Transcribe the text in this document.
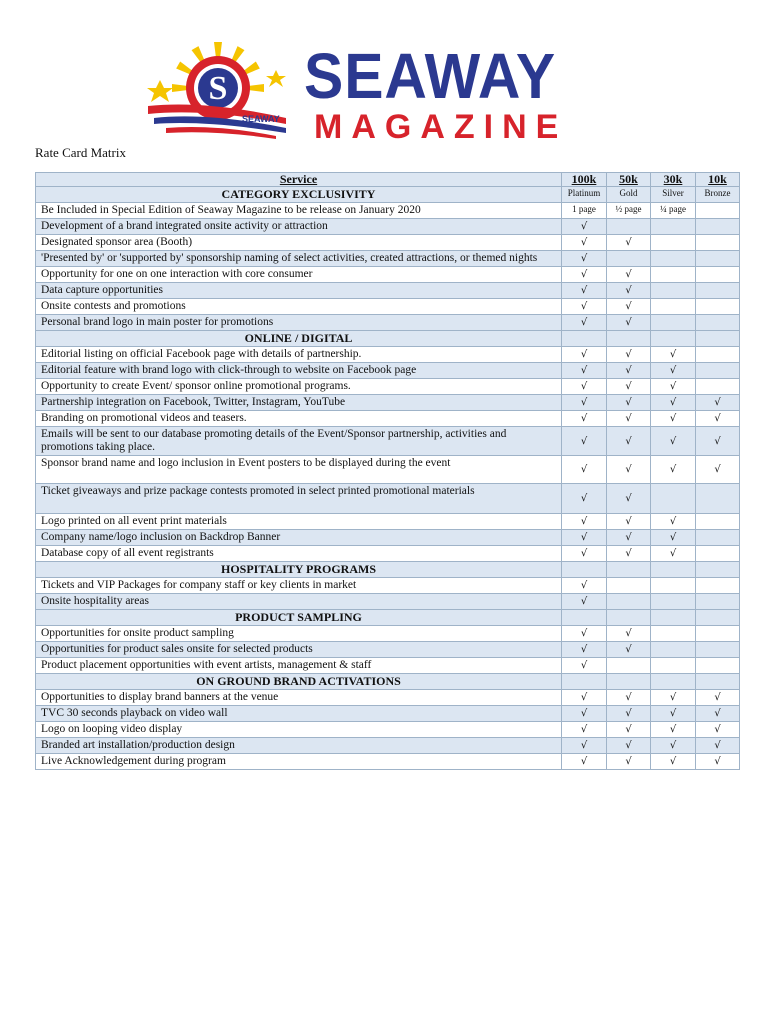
S
SEAWAY
SEAWAY
MAGAZINE
Rate Card Matrix
Service	100k	50k	30k	10k
CATEGORY EXCLUSIVITY	Platinum	Gold	Silver	Bronze
Be Included in Special Edition of Seaway Magazine to be release on January 2020	1 page	½ page	¼ page	
Development of a brand integrated onsite activity or attraction	√			
Designated sponsor area (Booth)	√	√		
'Presented by' or 'supported by' sponsorship naming of select activities, created attractions, or themed nights	√			
Opportunity for one on one interaction with core consumer	√	√		
Data capture opportunities	√	√		
Onsite contests and promotions	√	√		
Personal brand logo in main poster for promotions	√	√		
ONLINE / DIGITAL				
Editorial listing on official Facebook page with details of partnership.	√	√	√	
Editorial feature with brand logo with click-through to website on Facebook page	√	√	√	
Opportunity to create Event/ sponsor online promotional programs.	√	√	√	
Partnership integration on Facebook, Twitter, Instagram, YouTube	√	√	√	√
Branding on promotional videos and teasers.	√	√	√	√
Emails will be sent to our database promoting details of the Event/Sponsor partnership, activities and promotions taking place.	√	√	√	√
Sponsor brand name and logo inclusion in Event posters to be displayed during the event	√	√	√	√
Ticket giveaways and prize package contests promoted in select printed promotional materials	√	√		
Logo printed on all event print materials	√	√	√	
Company name/logo inclusion on Backdrop Banner	√	√	√	
Database copy of all event registrants	√	√	√	
HOSPITALITY PROGRAMS				
Tickets and VIP Packages for company staff or key clients in market	√			
Onsite hospitality areas	√			
PRODUCT SAMPLING				
Opportunities for onsite product sampling	√	√		
Opportunities for product sales onsite for selected products	√	√		
Product placement opportunities with event artists, management & staff	√			
ON GROUND BRAND ACTIVATIONS				
Opportunities to display brand banners at the venue	√	√	√	√
TVC 30 seconds playback on video wall	√	√	√	√
Logo on looping video display	√	√	√	√
Branded art installation/production design	√	√	√	√
Live Acknowledgement during program	√	√	√	√
